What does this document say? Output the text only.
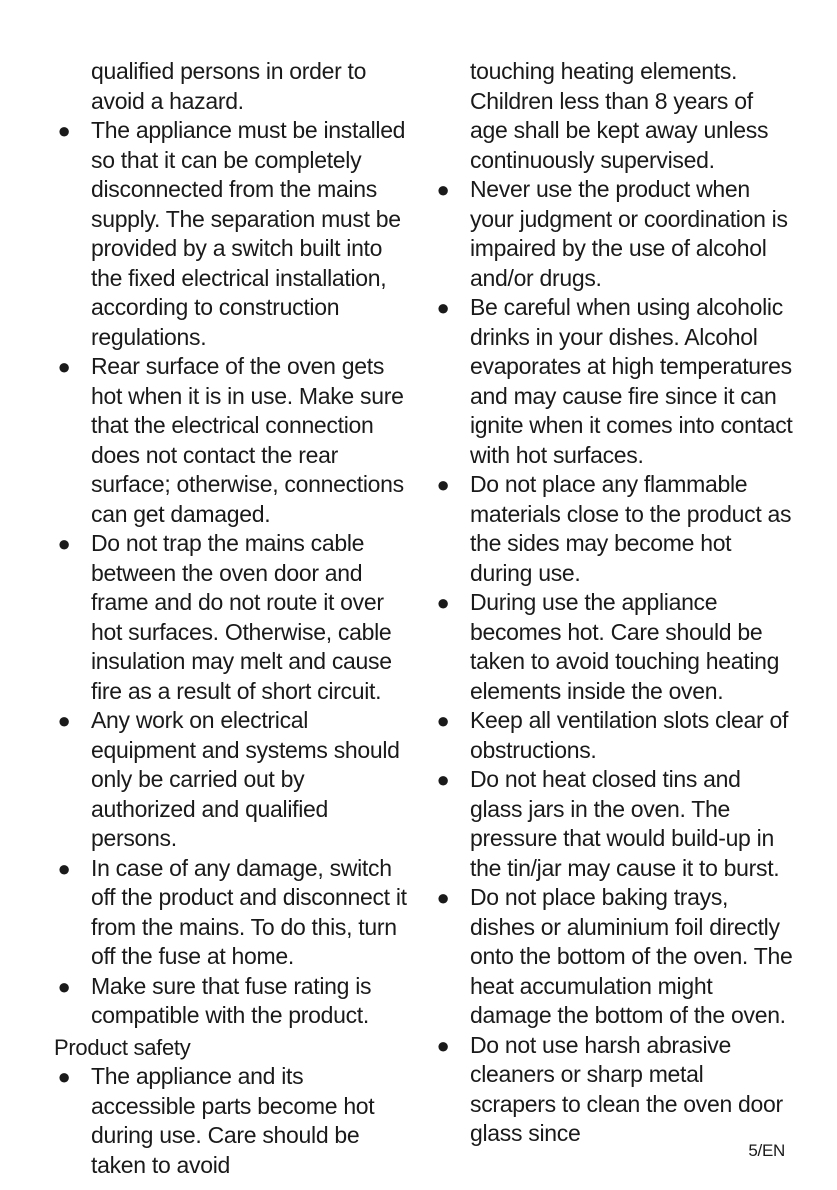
qualified persons in order to avoid a hazard.
● The appliance must be installed so that it can be completely disconnected from the mains supply. The separation must be provided by a switch built into the fixed electrical installation, according to construction regulations.
● Rear surface of the oven gets hot when it is in use. Make sure that the electrical connection does not contact the rear surface; otherwise, connections can get damaged.
● Do not trap the mains cable between the oven door and frame and do not route it over hot surfaces. Otherwise, cable insulation may melt and cause fire as a result of short circuit.
● Any work on electrical equipment and systems should only be carried out by authorized and qualified persons.
● In case of any damage, switch off the product and disconnect it from the mains. To do this, turn off the fuse at home.
● Make sure that fuse rating is compatible with the product.
Product safety
● The appliance and its accessible parts become hot during use. Care should be taken to avoid
touching heating elements. Children less than 8 years of age shall be kept away unless continuously supervised.
● Never use the product when your judgment or coordination is impaired by the use of alcohol and/or drugs.
● Be careful when using alcoholic drinks in your dishes. Alcohol evaporates at high temperatures and may cause fire since it can ignite when it comes into contact with hot surfaces.
● Do not place any flammable materials close to the product as the sides may become hot during use.
● During use the appliance becomes hot. Care should be taken to avoid touching heating elements inside the oven.
● Keep all ventilation slots clear of obstructions.
● Do not heat closed tins and glass jars in the oven. The pressure that would build-up in the tin/jar may cause it to burst.
● Do not place baking trays, dishes or aluminium foil directly onto the bottom of the oven. The heat accumulation might damage the bottom of the oven.
● Do not use harsh abrasive cleaners or sharp metal scrapers to clean the oven door glass since
5/EN
